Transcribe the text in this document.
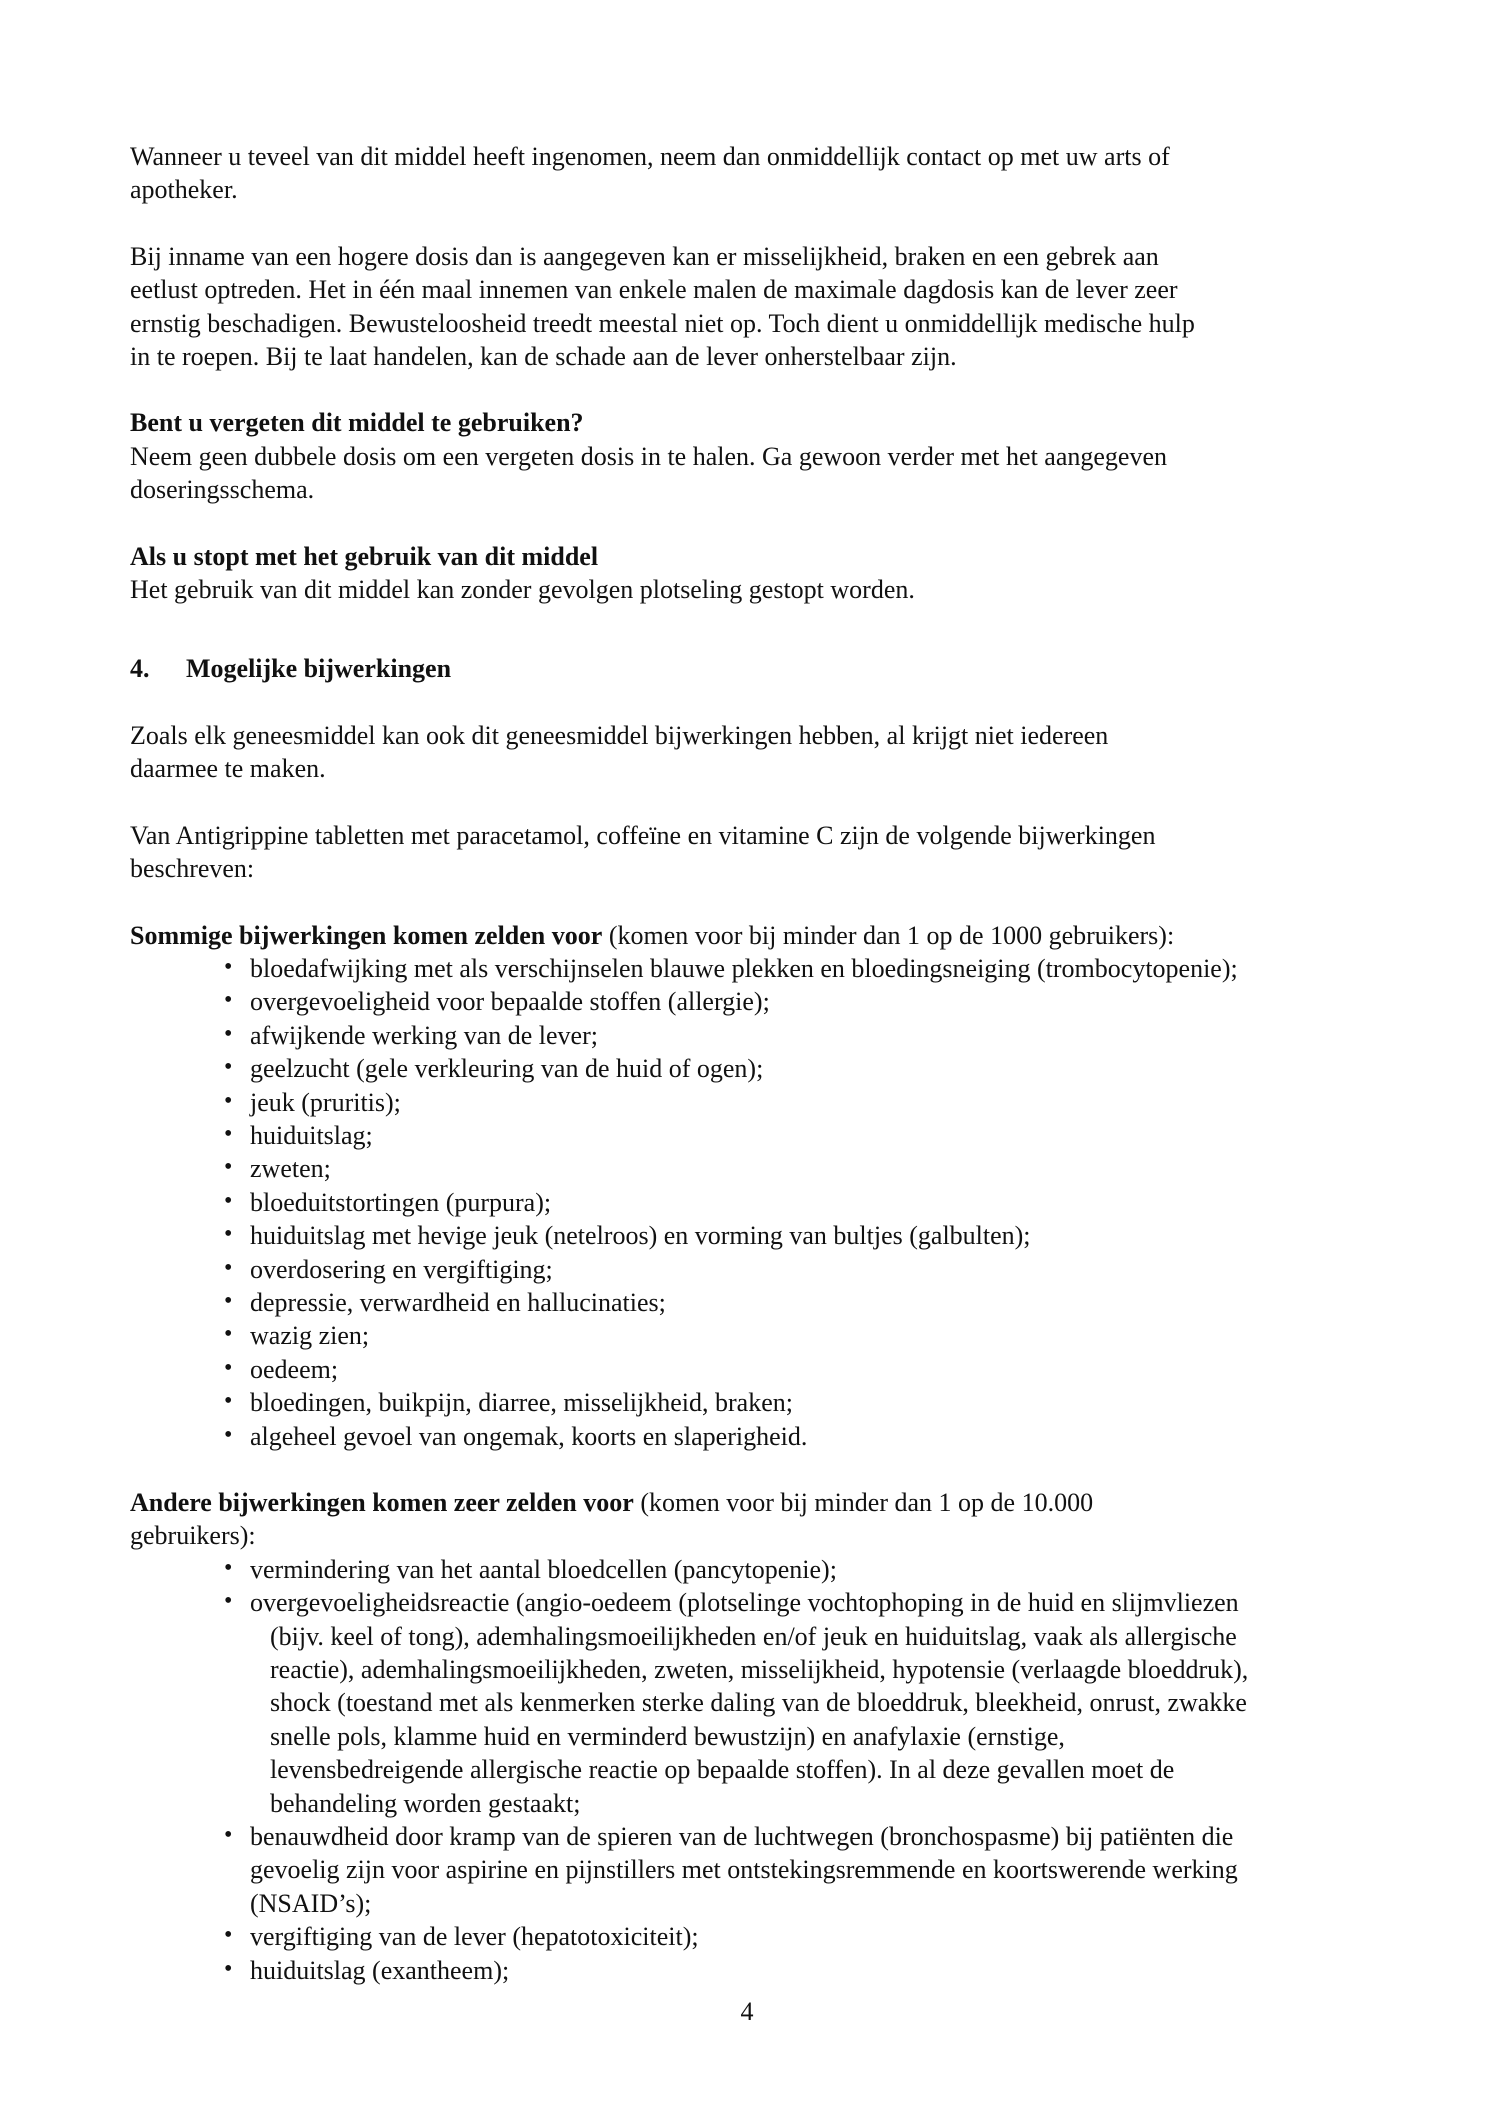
Wanneer u teveel van dit middel heeft ingenomen, neem dan onmiddellijk contact op met uw arts of
apotheker.
Bij inname van een hogere dosis dan is aangegeven kan er misselijkheid, braken en een gebrek aan
eetlust optreden. Het in één maal innemen van enkele malen de maximale dagdosis kan de lever zeer
ernstig beschadigen. Bewusteloosheid treedt meestal niet op. Toch dient u onmiddellijk medische hulp
in te roepen. Bij te laat handelen, kan de schade aan de lever onherstelbaar zijn.
Bent u vergeten dit middel te gebruiken?
Neem geen dubbele dosis om een vergeten dosis in te halen. Ga gewoon verder met het aangegeven
doseringsschema.
Als u stopt met het gebruik van dit middel
Het gebruik van dit middel kan zonder gevolgen plotseling gestopt worden.
4. Mogelijke bijwerkingen
Zoals elk geneesmiddel kan ook dit geneesmiddel bijwerkingen hebben, al krijgt niet iedereen
daarmee te maken.
Van Antigrippine tabletten met paracetamol, coffeïne en vitamine C zijn de volgende bijwerkingen
beschreven:
Sommige bijwerkingen komen zelden voor (komen voor bij minder dan 1 op de 1000 gebruikers):
• bloedafwijking met als verschijnselen blauwe plekken en bloedingsneiging (trombocytopenie);
• overgevoeligheid voor bepaalde stoffen (allergie);
• afwijkende werking van de lever;
• geelzucht (gele verkleuring van de huid of ogen);
• jeuk (pruritis);
• huiduitslag;
• zweten;
• bloeduitstortingen (purpura);
• huiduitslag met hevige jeuk (netelroos) en vorming van bultjes (galbulten);
• overdosering en vergiftiging;
• depressie, verwardheid en hallucinaties;
• wazig zien;
• oedeem;
• bloedingen, buikpijn, diarree, misselijkheid, braken;
• algeheel gevoel van ongemak, koorts en slaperigheid.
Andere bijwerkingen komen zeer zelden voor (komen voor bij minder dan 1 op de 10.000
gebruikers):
• vermindering van het aantal bloedcellen (pancytopenie);
• overgevoeligheidsreactie (angio-oedeem (plotselinge vochtophoping in de huid en slijmvliezen
(bijv. keel of tong), ademhalingsmoeilijkheden en/of jeuk en huiduitslag, vaak als allergische
reactie), ademhalingsmoeilijkheden, zweten, misselijkheid, hypotensie (verlaagde bloeddruk),
shock (toestand met als kenmerken sterke daling van de bloeddruk, bleekheid, onrust, zwakke
snelle pols, klamme huid en verminderd bewustzijn) en anafylaxie (ernstige,
levensbedreigende allergische reactie op bepaalde stoffen). In al deze gevallen moet de
behandeling worden gestaakt;
• benauwdheid door kramp van de spieren van de luchtwegen (bronchospasme) bij patiënten die
gevoelig zijn voor aspirine en pijnstillers met ontstekingsremmende en koortswerende werking
(NSAID’s);
• vergiftiging van de lever (hepatotoxiciteit);
• huiduitslag (exantheem);
4
